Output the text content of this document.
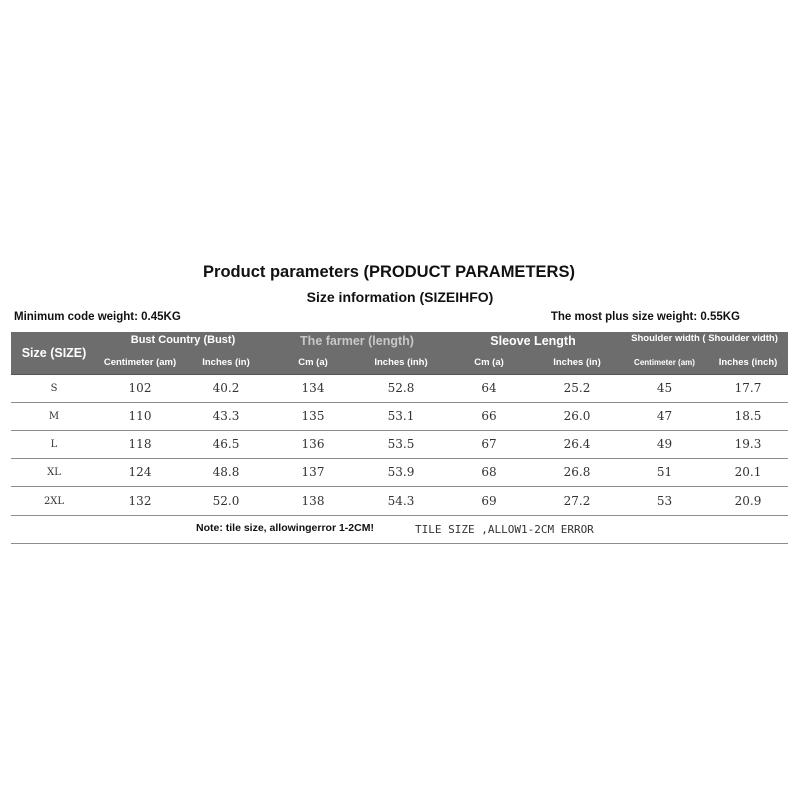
Product parameters (PRODUCT PARAMETERS)
Size information (SIZEIHFO)
Minimum code weight: 0.45KG	The most plus size weight: 0.55KG
Size (SIZE)
Bust Country (Bust)	The farmer (length)	Sleove Length	Shoulder width ( Shoulder vidth)
Centimeter (am)	Inches (in)	Cm (a)	Inches (inh)	Cm (a)	Inches (in)	Centimeter (am)	Inches (inch)
S	102	40.2	134	52.8	64	25.2	45	17.7
M	110	43.3	135	53.1	66	26.0	47	18.5
L	118	46.5	136	53.5	67	26.4	49	19.3
XL	124	48.8	137	53.9	68	26.8	51	20.1
2XL	132	52.0	138	54.3	69	27.2	53	20.9
Note: tile size, allowingerror 1-2CM!	TILE SIZE ,ALLOW1-2CM ERROR
